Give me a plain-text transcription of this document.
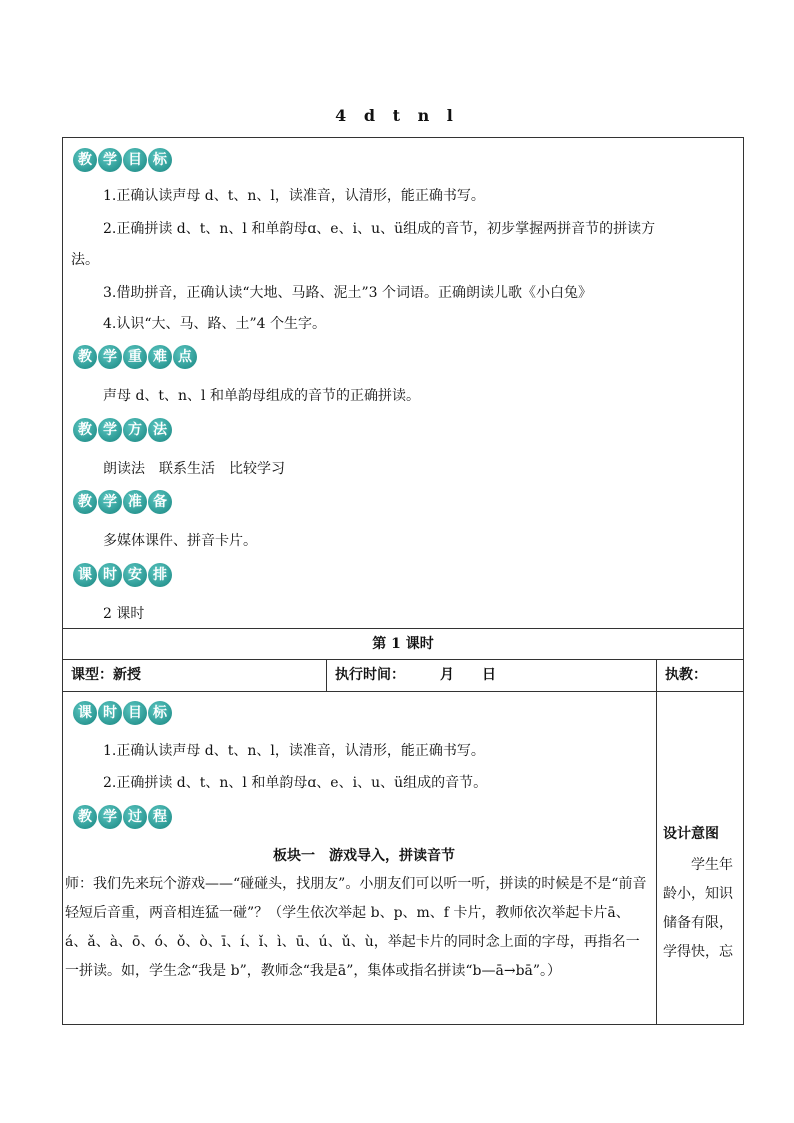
4 d t n l
教 学 目 标
1.正确认读声母 d、t、n、l，读准音，认清形，能正确书写。
2.正确拼读 d、t、n、l 和单韵母ɑ、e、i、u、ü组成的音节，初步掌握两拼音节的拼读方
法。
3.借助拼音，正确认读“大地、马路、泥土”3 个词语。正确朗读儿歌《小白兔》
4.认识“大、马、路、土”4 个生字。
教 学 重 难 点
声母 d、t、n、l 和单韵母组成的音节的正确拼读。
教 学 方 法
朗读法　联系生活　比较学习
教 学 准 备
多媒体课件、拼音卡片。
课 时 安 排
2 课时
第 1 课时
课型：新授	执行时间：　　　月　　日	执教：
课 时 目 标
1.正确认读声母 d、t、n、l，读准音，认清形，能正确书写。
2.正确拼读 d、t、n、l 和单韵母ɑ、e、i、u、ü组成的音节。
教 学 过 程
板块一　游戏导入，拼读音节
师：我们先来玩个游戏——“碰碰头，找朋友”。小朋友们可以听一听，拼读的时候是不是“前音轻短后音重，两音相连猛一碰”？（学生依次举起 b、p、m、f 卡片，教师依次举起卡片ā、á、ǎ、à、ō、ó、ǒ、ò、ī、í、ǐ、ì、ū、ú、ǔ、ù，举起卡片的同时念上面的字母，再指名一一拼读。如，学生念“我是 b”，教师念“我是ā”，集体或指名拼读“b—ā→bā”。）
设计意图
　　学生年龄小，知识储备有限，学得快，忘
